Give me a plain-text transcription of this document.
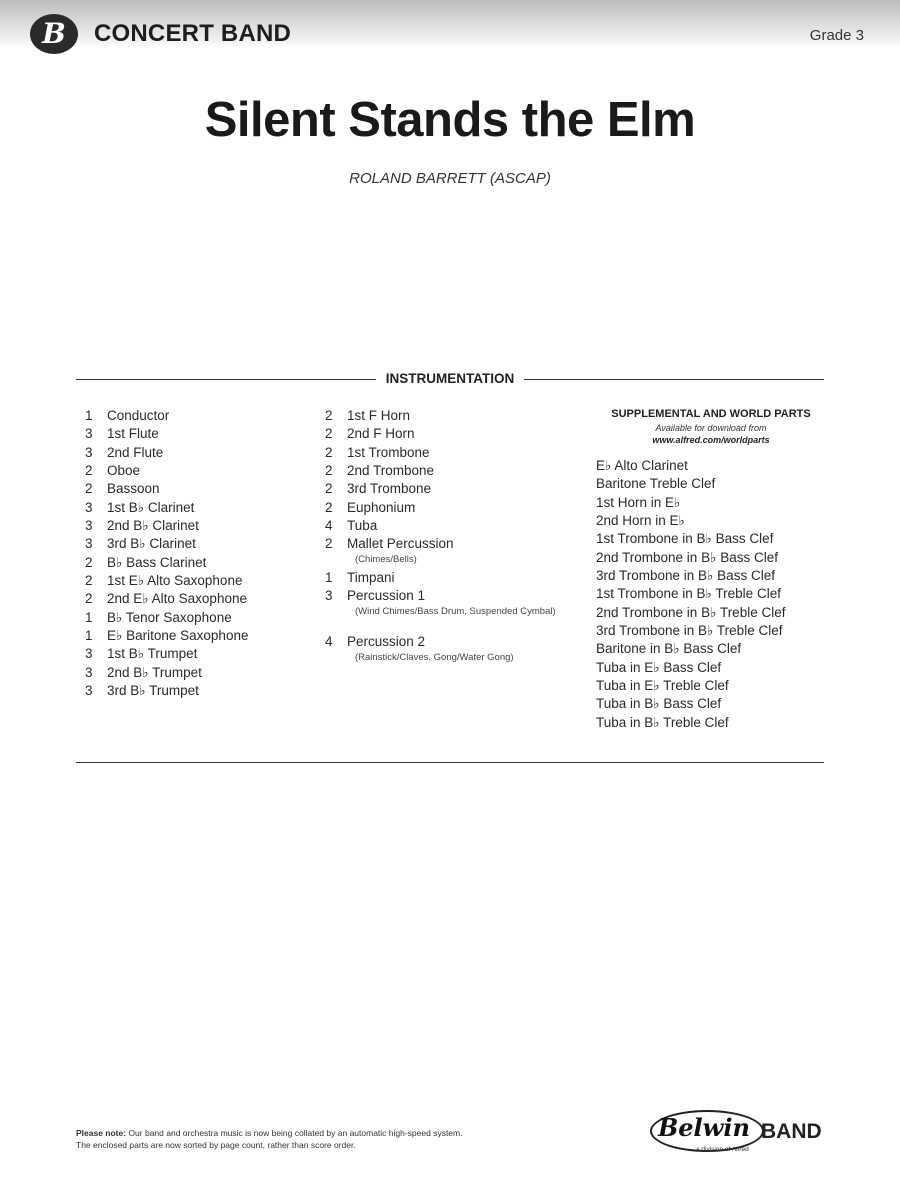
B	CONCERT BAND	Grade 3
Silent Stands the Elm
ROLAND BARRETT (ASCAP)
INSTRUMENTATION
1 Conductor
3 1st Flute
3 2nd Flute
2 Oboe
2 Bassoon
3 1st B♭ Clarinet
3 2nd B♭ Clarinet
3 3rd B♭ Clarinet
2 B♭ Bass Clarinet
2 1st E♭ Alto Saxophone
2 2nd E♭ Alto Saxophone
1 B♭ Tenor Saxophone
1 E♭ Baritone Saxophone
3 1st B♭ Trumpet
3 2nd B♭ Trumpet
3 3rd B♭ Trumpet
2 1st F Horn
2 2nd F Horn
2 1st Trombone
2 2nd Trombone
2 3rd Trombone
2 Euphonium
4 Tuba
2 Mallet Percussion
(Chimes/Bells)
1 Timpani
3 Percussion 1
(Wind Chimes/Bass Drum, Suspended Cymbal)
4 Percussion 2
(Rainstick/Claves, Gong/Water Gong)
SUPPLEMENTAL AND WORLD PARTS
Available for download from
www.alfred.com/worldparts
E♭ Alto Clarinet
Baritone Treble Clef
1st Horn in E♭
2nd Horn in E♭
1st Trombone in B♭ Bass Clef
2nd Trombone in B♭ Bass Clef
3rd Trombone in B♭ Bass Clef
1st Trombone in B♭ Treble Clef
2nd Trombone in B♭ Treble Clef
3rd Trombone in B♭ Treble Clef
Baritone in B♭ Bass Clef
Tuba in E♭ Bass Clef
Tuba in E♭ Treble Clef
Tuba in B♭ Bass Clef
Tuba in B♭ Treble Clef
Please note: Our band and orchestra music is now being collated by an automatic high-speed system.
The enclosed parts are now sorted by page count, rather than score order.
Belwin BAND
a division of Alfred
